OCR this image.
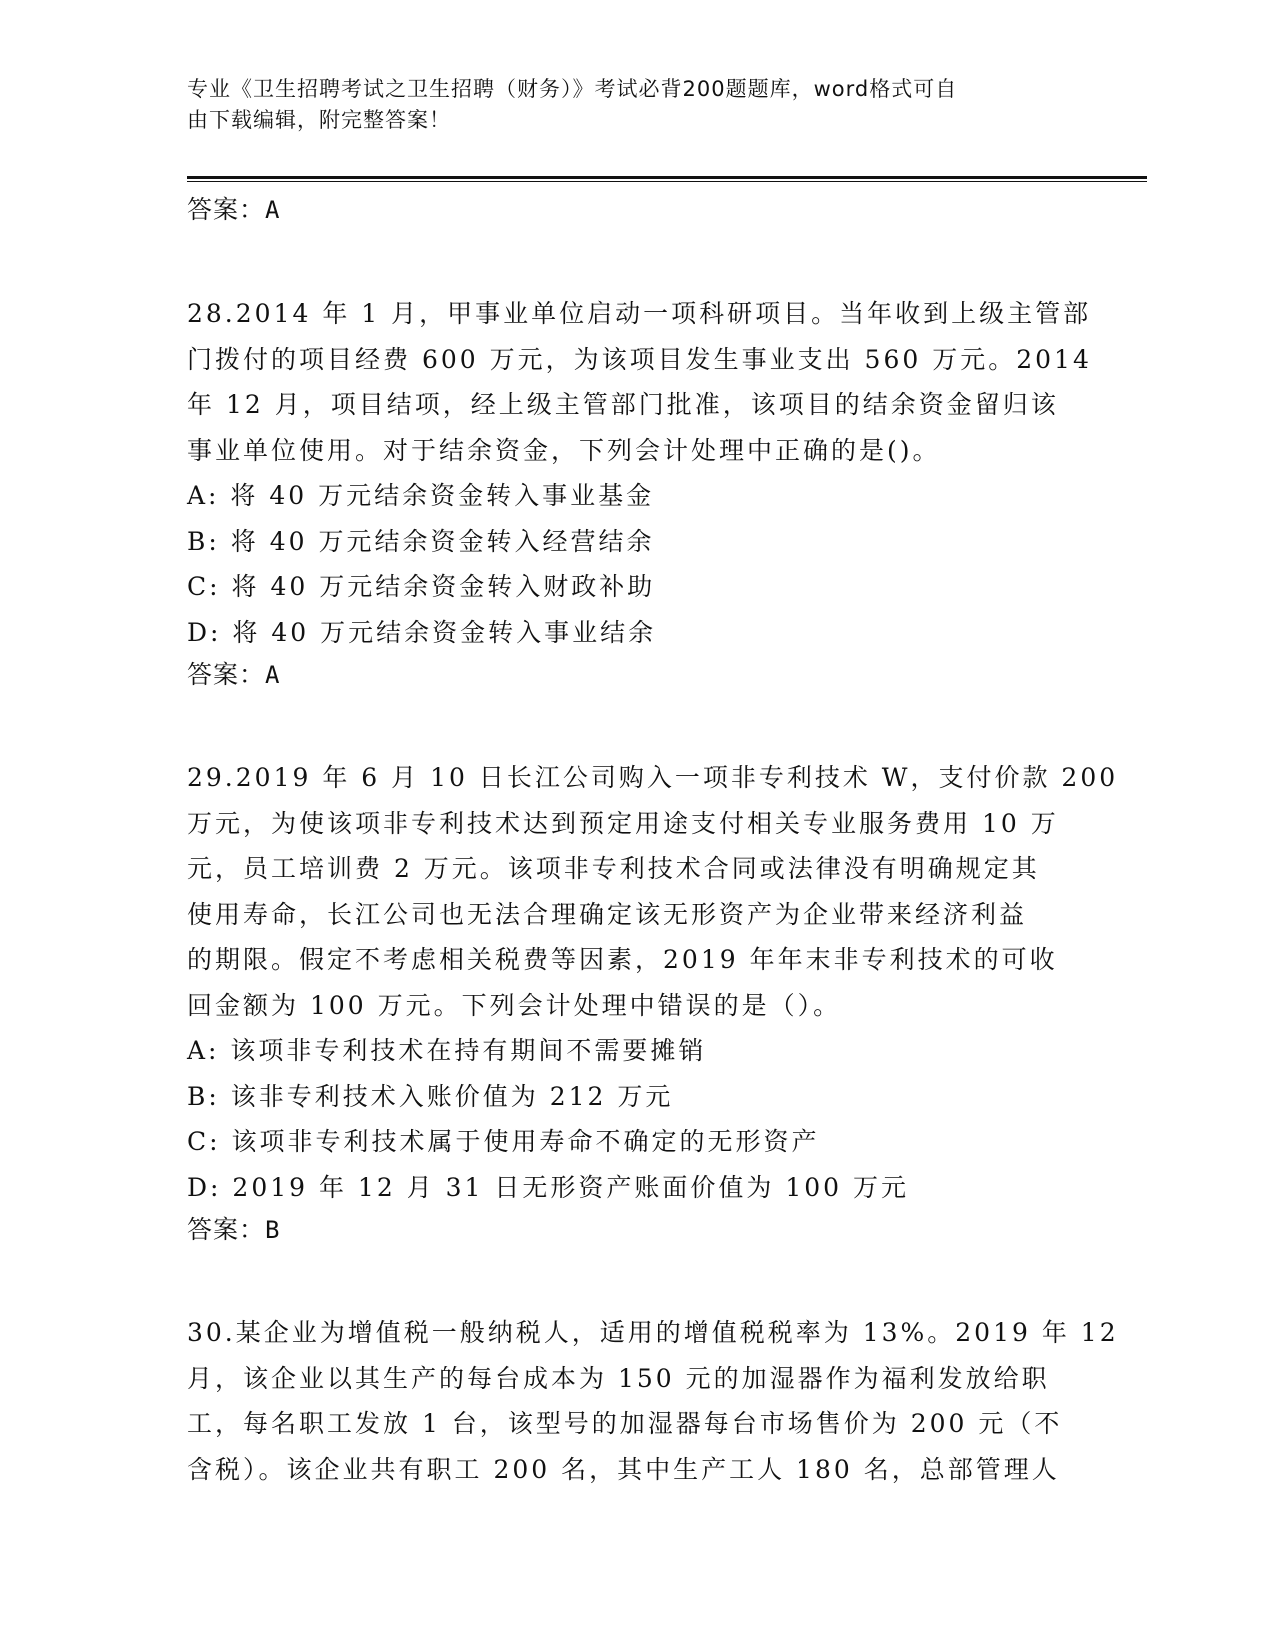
专业《卫生招聘考试之卫生招聘（财务）》考试必背200题题库，word格式可自
由下载编辑，附完整答案！
答案：A
28.2014 年 1 月，甲事业单位启动一项科研项目。当年收到上级主管部
门拨付的项目经费 600 万元，为该项目发生事业支出 560 万元。2014
年 12 月，项目结项，经上级主管部门批准，该项目的结余资金留归该
事业单位使用。对于结余资金，下列会计处理中正确的是()。
A: 将 40 万元结余资金转入事业基金
B: 将 40 万元结余资金转入经营结余
C: 将 40 万元结余资金转入财政补助
D: 将 40 万元结余资金转入事业结余
答案：A
29.2019 年 6 月 10 日长江公司购入一项非专利技术 W，支付价款 200
万元，为使该项非专利技术达到预定用途支付相关专业服务费用 10 万
元，员工培训费 2 万元。该项非专利技术合同或法律没有明确规定其
使用寿命，长江公司也无法合理确定该无形资产为企业带来经济利益
的期限。假定不考虑相关税费等因素，2019 年年末非专利技术的可收
回金额为 100 万元。下列会计处理中错误的是（）。
A: 该项非专利技术在持有期间不需要摊销
B: 该非专利技术入账价值为 212 万元
C: 该项非专利技术属于使用寿命不确定的无形资产
D: 2019 年 12 月 31 日无形资产账面价值为 100 万元
答案：B
30.某企业为增值税一般纳税人，适用的增值税税率为 13%。2019 年 12
月，该企业以其生产的每台成本为 150 元的加湿器作为福利发放给职
工，每名职工发放 1 台，该型号的加湿器每台市场售价为 200 元（不
含税）。该企业共有职工 200 名，其中生产工人 180 名，总部管理人
